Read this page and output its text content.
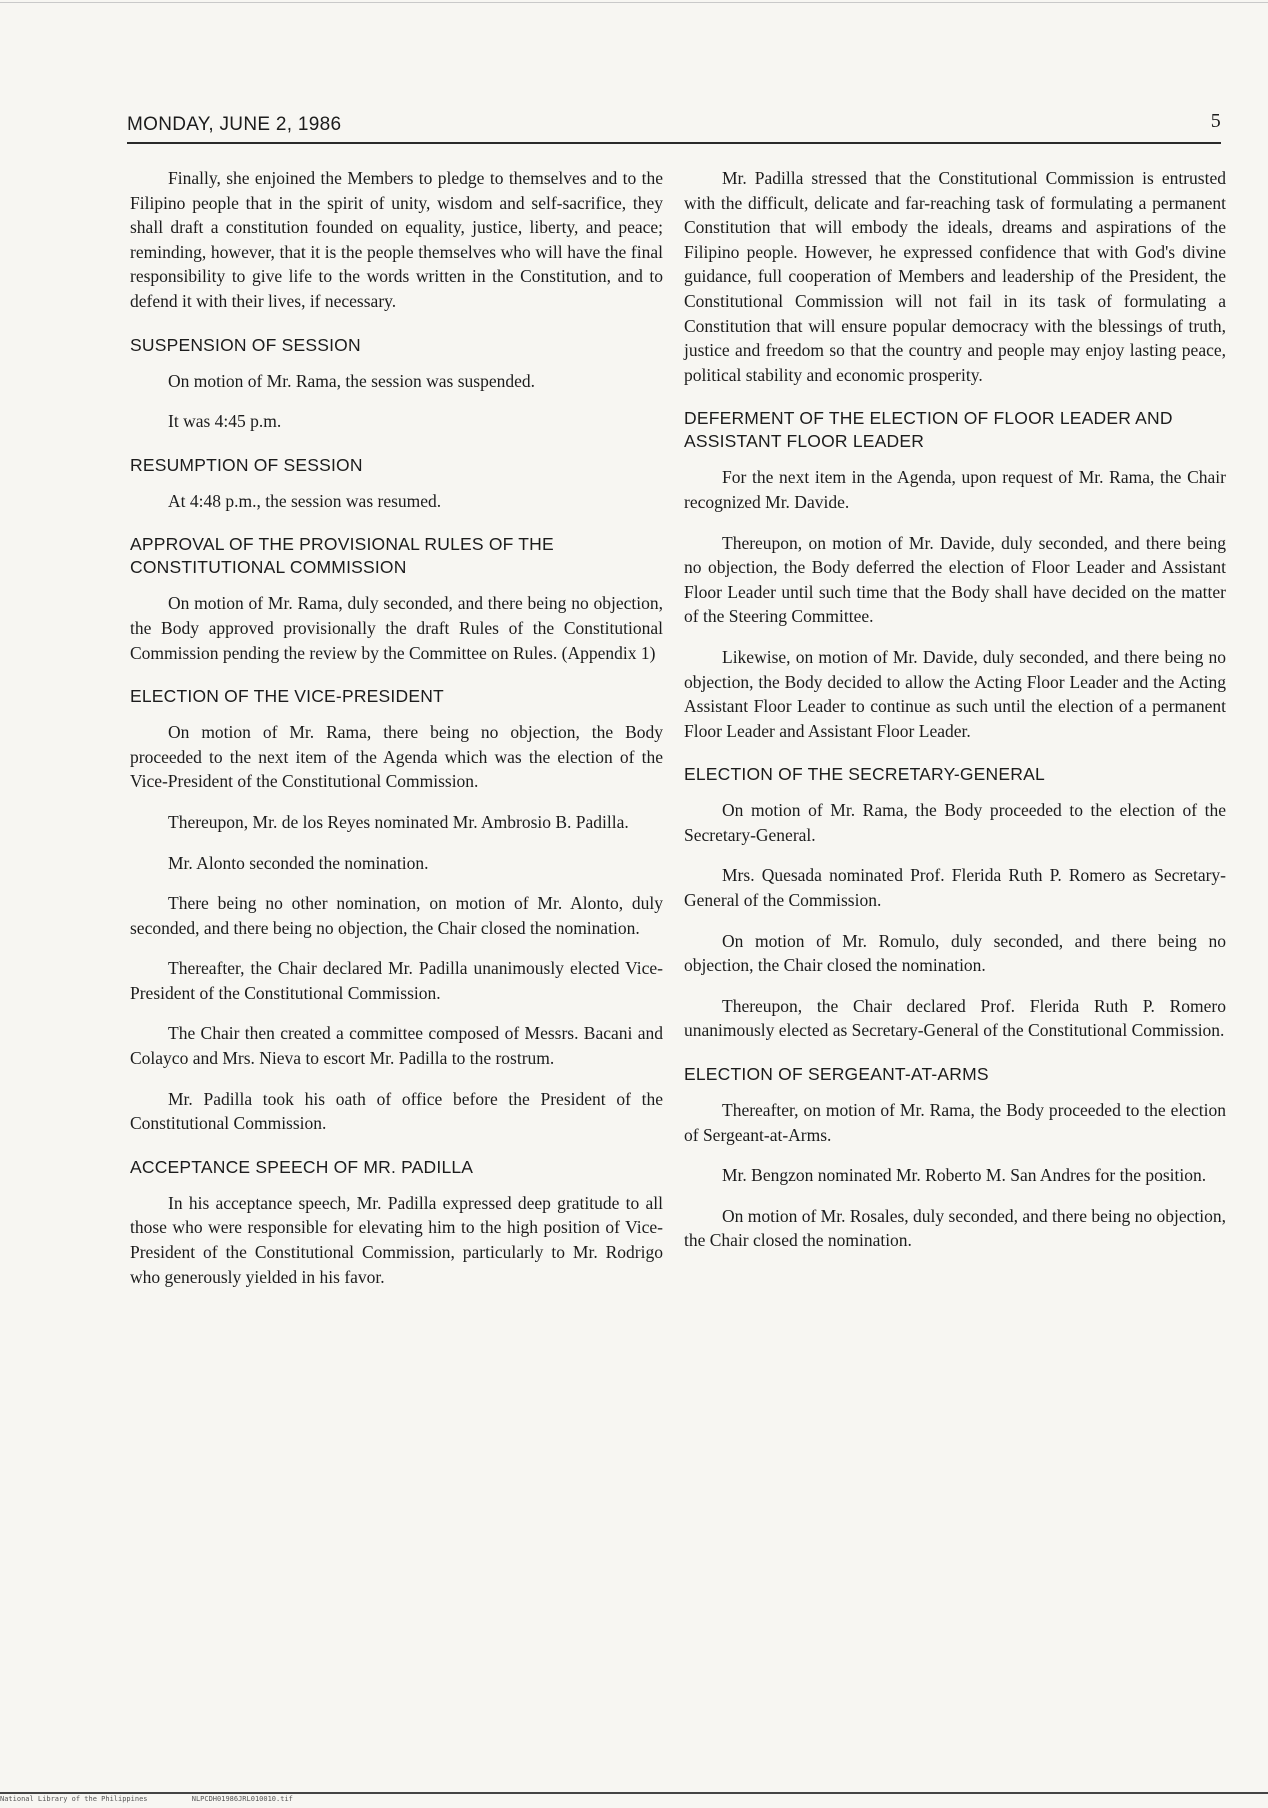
MONDAY, JUNE 2, 1986	5
Finally, she enjoined the Members to pledge to themselves and to the Filipino people that in the spirit of unity, wisdom and self-sacrifice, they shall draft a constitution founded on equality, justice, liberty, and peace; reminding, however, that it is the people themselves who will have the final responsibility to give life to the words written in the Constitution, and to defend it with their lives, if necessary.
SUSPENSION OF SESSION
On motion of Mr. Rama, the session was suspended.
It was 4:45 p.m.
RESUMPTION OF SESSION
At 4:48 p.m., the session was resumed.
APPROVAL OF THE PROVISIONAL RULES OF THE CONSTITUTIONAL COMMISSION
On motion of Mr. Rama, duly seconded, and there being no objection, the Body approved provisionally the draft Rules of the Constitutional Commission pending the review by the Committee on Rules. (Appendix 1)
ELECTION OF THE VICE-PRESIDENT
On motion of Mr. Rama, there being no objection, the Body proceeded to the next item of the Agenda which was the election of the Vice-President of the Constitutional Commission.
Thereupon, Mr. de los Reyes nominated Mr. Ambrosio B. Padilla.
Mr. Alonto seconded the nomination.
There being no other nomination, on motion of Mr. Alonto, duly seconded, and there being no objection, the Chair closed the nomination.
Thereafter, the Chair declared Mr. Padilla unanimously elected Vice-President of the Constitutional Commission.
The Chair then created a committee composed of Messrs. Bacani and Colayco and Mrs. Nieva to escort Mr. Padilla to the rostrum.
Mr. Padilla took his oath of office before the President of the Constitutional Commission.
ACCEPTANCE SPEECH OF MR. PADILLA
In his acceptance speech, Mr. Padilla expressed deep gratitude to all those who were responsible for elevating him to the high position of Vice-President of the Constitutional Commission, particularly to Mr. Rodrigo who generously yielded in his favor.
Mr. Padilla stressed that the Constitutional Commission is entrusted with the difficult, delicate and far-reaching task of formulating a permanent Constitution that will embody the ideals, dreams and aspirations of the Filipino people. However, he expressed confidence that with God's divine guidance, full cooperation of Members and leadership of the President, the Constitutional Commission will not fail in its task of formulating a Constitution that will ensure popular democracy with the blessings of truth, justice and freedom so that the country and people may enjoy lasting peace, political stability and economic prosperity.
DEFERMENT OF THE ELECTION OF FLOOR LEADER AND ASSISTANT FLOOR LEADER
For the next item in the Agenda, upon request of Mr. Rama, the Chair recognized Mr. Davide.
Thereupon, on motion of Mr. Davide, duly seconded, and there being no objection, the Body deferred the election of Floor Leader and Assistant Floor Leader until such time that the Body shall have decided on the matter of the Steering Committee.
Likewise, on motion of Mr. Davide, duly seconded, and there being no objection, the Body decided to allow the Acting Floor Leader and the Acting Assistant Floor Leader to continue as such until the election of a permanent Floor Leader and Assistant Floor Leader.
ELECTION OF THE SECRETARY-GENERAL
On motion of Mr. Rama, the Body proceeded to the election of the Secretary-General.
Mrs. Quesada nominated Prof. Flerida Ruth P. Romero as Secretary-General of the Commission.
On motion of Mr. Romulo, duly seconded, and there being no objection, the Chair closed the nomination.
Thereupon, the Chair declared Prof. Flerida Ruth P. Romero unanimously elected as Secretary-General of the Constitutional Commission.
ELECTION OF SERGEANT-AT-ARMS
Thereafter, on motion of Mr. Rama, the Body proceeded to the election of Sergeant-at-Arms.
Mr. Bengzon nominated Mr. Roberto M. San Andres for the position.
On motion of Mr. Rosales, duly seconded, and there being no objection, the Chair closed the nomination.
National Library of the Philippines	NLPCDH01986JRL010010.tif
